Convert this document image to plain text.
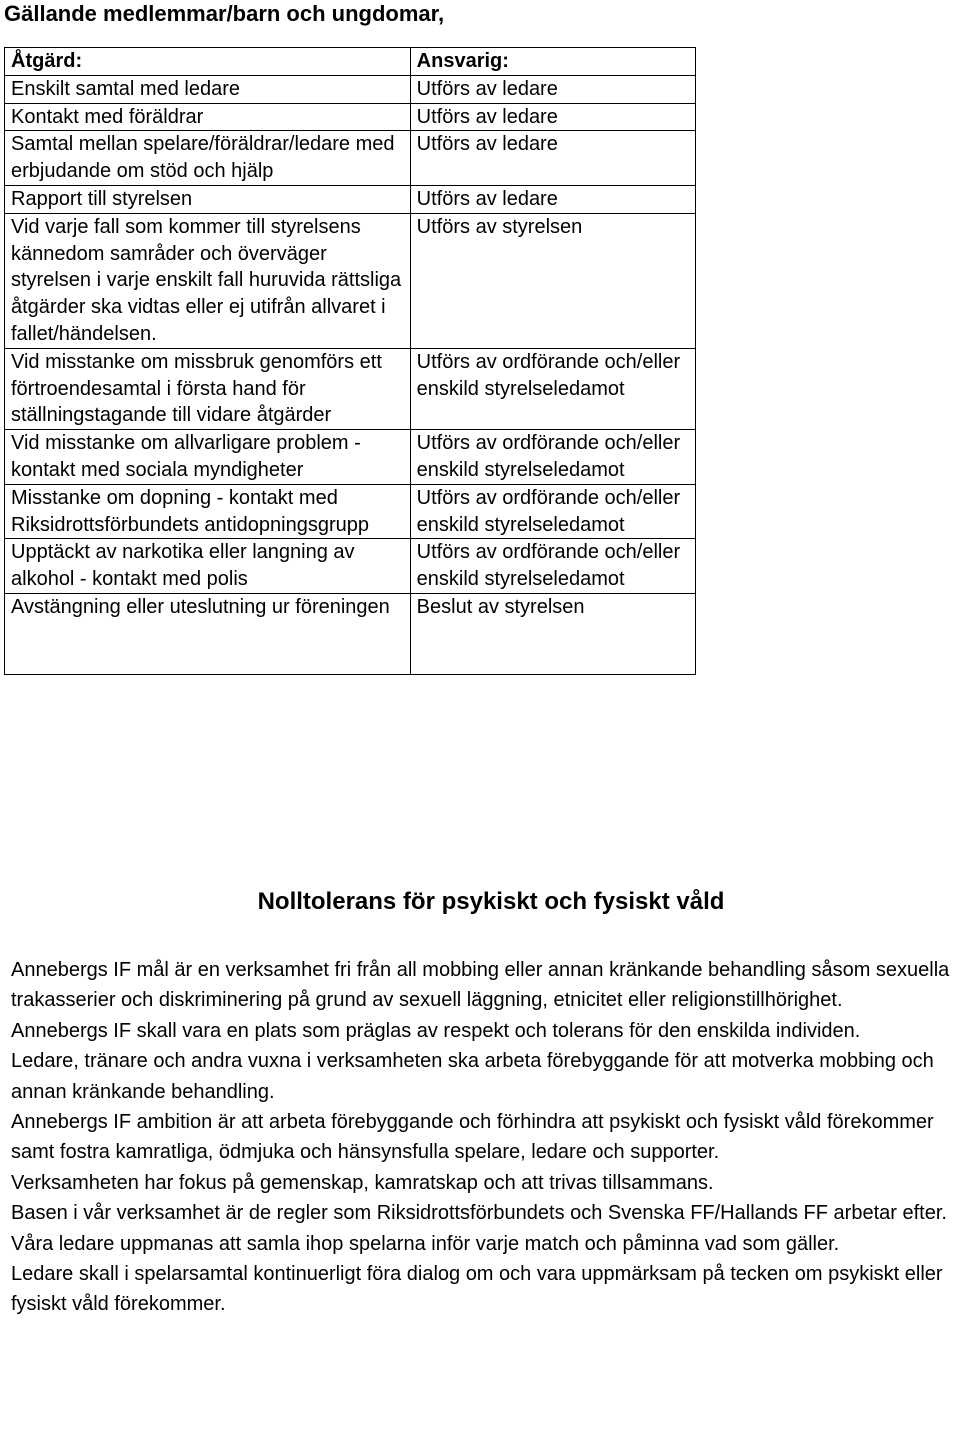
Gällande medlemmar/barn och ungdomar,
Åtgärd:	Ansvarig:
Enskilt samtal med ledare	Utförs av ledare
Kontakt med föräldrar	Utförs av ledare
Samtal mellan spelare/föräldrar/ledare med erbjudande om stöd och hjälp	Utförs av ledare
Rapport till styrelsen	Utförs av ledare
Vid varje fall som kommer till styrelsens kännedom samråder och överväger styrelsen i varje enskilt fall huruvida rättsliga åtgärder ska vidtas eller ej utifrån allvaret i fallet/händelsen.	Utförs av styrelsen
Vid misstanke om missbruk genomförs ett förtroendesamtal i första hand för ställningstagande till vidare åtgärder	Utförs av ordförande och/eller enskild styrelseledamot
Vid misstanke om allvarligare problem - kontakt med sociala myndigheter	Utförs av ordförande och/eller enskild styrelseledamot
Misstanke om dopning - kontakt med Riksidrottsförbundets antidopningsgrupp	Utförs av ordförande och/eller enskild styrelseledamot
Upptäckt av narkotika eller langning av alkohol - kontakt med polis	Utförs av ordförande och/eller enskild styrelseledamot
Avstängning eller uteslutning ur föreningen	Beslut av styrelsen
Nolltolerans för psykiskt och fysiskt våld

Annebergs IF mål är en verksamhet fri från all mobbing eller annan kränkande behandling såsom sexuella trakasserier och diskriminering på grund av sexuell läggning, etnicitet eller religionstillhörighet.

Annebergs IF skall vara en plats som präglas av respekt och tolerans för den enskilda individen.

Ledare, tränare och andra vuxna i verksamheten ska arbeta förebyggande för att motverka mobbing och annan kränkande behandling.

Annebergs IF ambition är att arbeta förebyggande och förhindra att psykiskt och fysiskt våld förekommer samt fostra kamratliga, ödmjuka och hänsynsfulla spelare, ledare och supporter.

Verksamheten har fokus på gemenskap, kamratskap och att trivas tillsammans.

Basen i vår verksamhet är de regler som Riksidrottsförbundets och Svenska FF/Hallands FF arbetar efter.

Våra ledare uppmanas att samla ihop spelarna inför varje match och påminna vad som gäller.

Ledare skall i spelarsamtal kontinuerligt föra dialog om och vara uppmärksam på tecken om psykiskt eller fysiskt våld förekommer.
